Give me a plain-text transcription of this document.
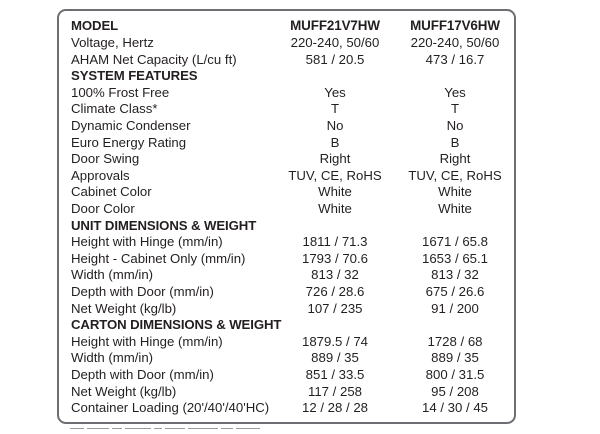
MODEL	MUFF21V7HW	MUFF17V6HW
Voltage, Hertz	220-240, 50/60	220-240, 50/60
AHAM Net Capacity (L/cu ft)	581 / 20.5	473 / 16.7
SYSTEM FEATURES
100% Frost Free	Yes	Yes
Climate Class*	T	T
Dynamic Condenser	No	No
Euro Energy Rating	B	B
Door Swing	Right	Right
Approvals	TUV, CE, RoHS	TUV, CE, RoHS
Cabinet Color	White	White
Door Color	White	White
UNIT DIMENSIONS & WEIGHT
Height with Hinge (mm/in)	1811 / 71.3	1671 / 65.8
Height - Cabinet Only (mm/in)	1793 / 70.6	1653 / 65.1
Width (mm/in)	813 / 32	813 / 32
Depth with Door (mm/in)	726 / 28.6	675 / 26.6
Net Weight (kg/lb)	107 / 235	91 / 200
CARTON DIMENSIONS & WEIGHT
Height with Hinge (mm/in)	1879.5 / 74	1728 / 68
Width (mm/in)	889 / 35	889 / 35
Depth with Door (mm/in)	851 / 33.5	800 / 31.5
Net Weight (kg/lb)	117 / 258	95 / 208
Container Loading (20'/40'/40'HC)	12 / 28 / 28	14 / 30 / 45
